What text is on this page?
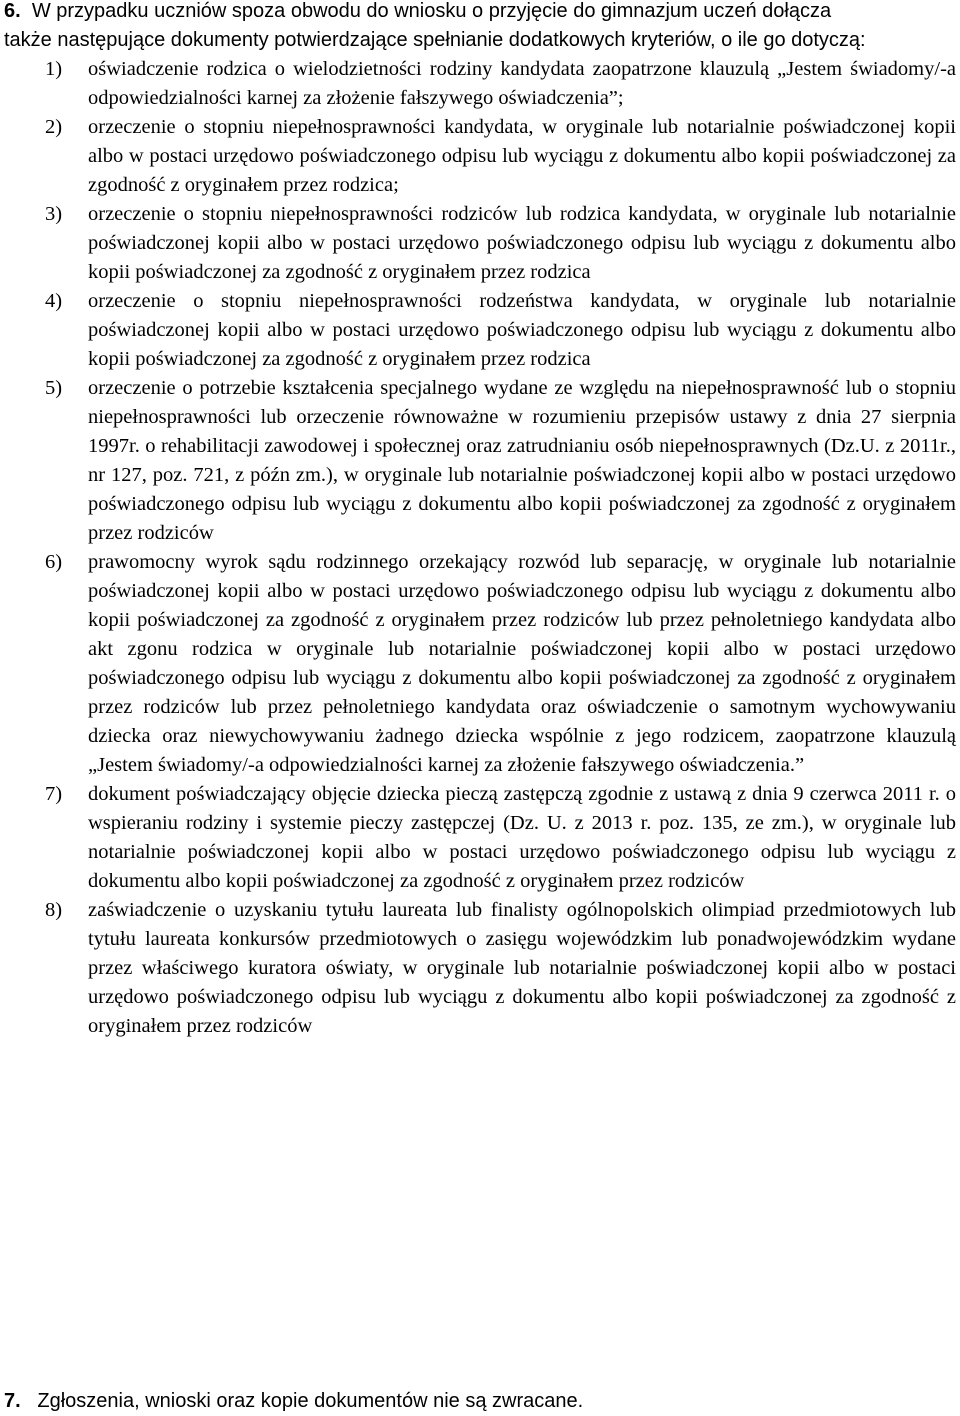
6. W przypadku uczniów spoza obwodu do wniosku o przyjęcie do gimnazjum uczeń dołącza
także następujące dokumenty potwierdzające spełnianie dodatkowych kryteriów, o ile go dotyczą:
1) oświadczenie rodzica o wielodzietności rodziny kandydata zaopatrzone klauzulą „Jestem świadomy/-a odpowiedzialności karnej za złożenie fałszywego oświadczenia”;
2) orzeczenie o stopniu niepełnosprawności kandydata, w oryginale lub notarialnie poświadczonej kopii albo w postaci urzędowo poświadczonego odpisu lub wyciągu z dokumentu albo kopii poświadczonej za zgodność z oryginałem przez rodzica;
3) orzeczenie o stopniu niepełnosprawności rodziców lub rodzica kandydata, w oryginale lub notarialnie poświadczonej kopii albo w postaci urzędowo poświadczonego odpisu lub wyciągu z dokumentu albo kopii poświadczonej za zgodność z oryginałem przez rodzica
4) orzeczenie o stopniu niepełnosprawności rodzeństwa kandydata, w oryginale lub notarialnie poświadczonej kopii albo w postaci urzędowo poświadczonego odpisu lub wyciągu z dokumentu albo kopii poświadczonej za zgodność z oryginałem przez rodzica
5) orzeczenie o potrzebie kształcenia specjalnego wydane ze względu na niepełnosprawność lub o stopniu niepełnosprawności lub orzeczenie równoważne w rozumieniu przepisów ustawy z dnia 27 sierpnia 1997r. o rehabilitacji zawodowej i społecznej oraz zatrudnianiu osób niepełnosprawnych (Dz.U. z 2011r., nr 127, poz. 721, z późn zm.), w oryginale lub notarialnie poświadczonej kopii albo w postaci urzędowo poświadczonego odpisu lub wyciągu z dokumentu albo kopii poświadczonej za zgodność z oryginałem przez rodziców
6) prawomocny wyrok sądu rodzinnego orzekający rozwód lub separację, w oryginale lub notarialnie poświadczonej kopii albo w postaci urzędowo poświadczonego odpisu lub wyciągu z dokumentu albo kopii poświadczonej za zgodność z oryginałem przez rodziców lub przez pełnoletniego kandydata albo akt zgonu rodzica w oryginale lub notarialnie poświadczonej kopii albo w postaci urzędowo poświadczonego odpisu lub wyciągu z dokumentu albo kopii poświadczonej za zgodność z oryginałem przez rodziców lub przez pełnoletniego kandydata oraz oświadczenie o samotnym wychowywaniu dziecka oraz niewychowywaniu żadnego dziecka wspólnie z jego rodzicem, zaopatrzone klauzulą „Jestem świadomy/-a odpowiedzialności karnej za złożenie fałszywego oświadczenia.”
7) dokument poświadczający objęcie dziecka pieczą zastępczą zgodnie z ustawą z dnia 9 czerwca 2011 r. o wspieraniu rodziny i systemie pieczy zastępczej (Dz. U. z 2013 r. poz. 135, ze zm.), w oryginale lub notarialnie poświadczonej kopii albo w postaci urzędowo poświadczonego odpisu lub wyciągu z dokumentu albo kopii poświadczonej za zgodność z oryginałem przez rodziców
8) zaświadczenie o uzyskaniu tytułu laureata lub finalisty ogólnopolskich olimpiad przedmiotowych lub tytułu laureata konkursów przedmiotowych o zasięgu wojewódzkim lub ponadwojewódzkim wydane przez właściwego kuratora oświaty, w oryginale lub notarialnie poświadczonej kopii albo w postaci urzędowo poświadczonego odpisu lub wyciągu z dokumentu albo kopii poświadczonej za zgodność z oryginałem przez rodziców
7. Zgłoszenia, wnioski oraz kopie dokumentów nie są zwracane.
